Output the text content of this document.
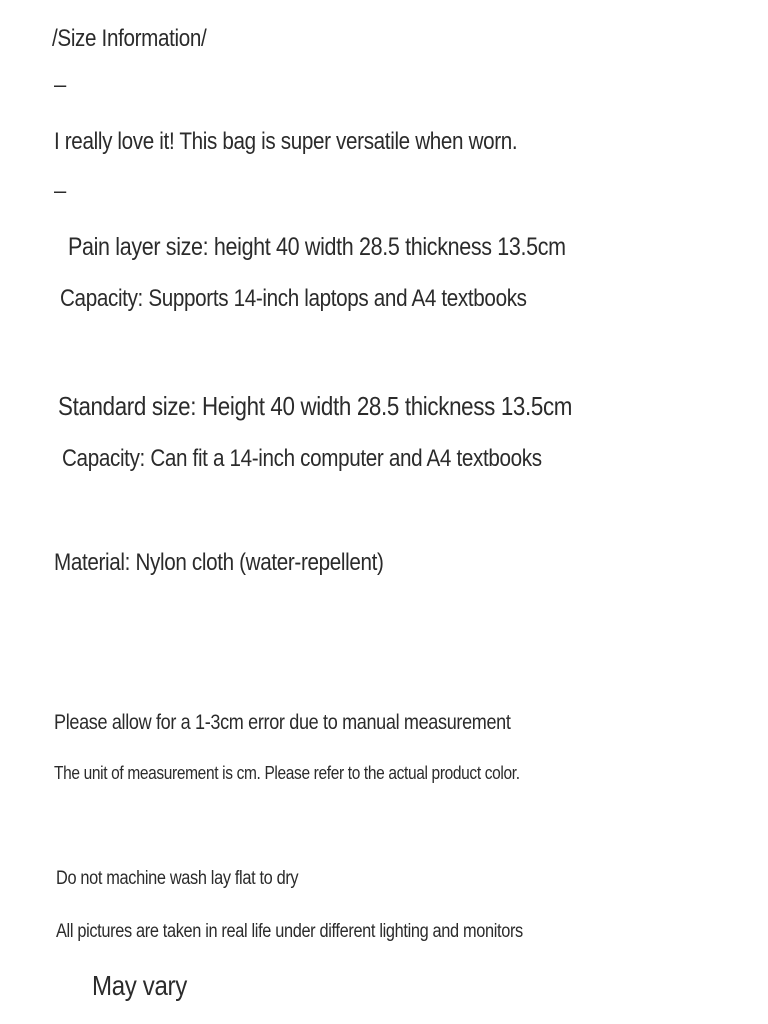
/Size Information/
–
I really love it! This bag is super versatile when worn.
–
Pain layer size: height 40 width 28.5 thickness 13.5cm
Capacity: Supports 14-inch laptops and A4 textbooks
Standard size: Height 40 width 28.5 thickness 13.5cm
Capacity: Can fit a 14-inch computer and A4 textbooks
Material: Nylon cloth (water-repellent)
Please allow for a 1-3cm error due to manual measurement
The unit of measurement is cm. Please refer to the actual product color.
Do not machine wash lay flat to dry
All pictures are taken in real life under different lighting and monitors
May vary
